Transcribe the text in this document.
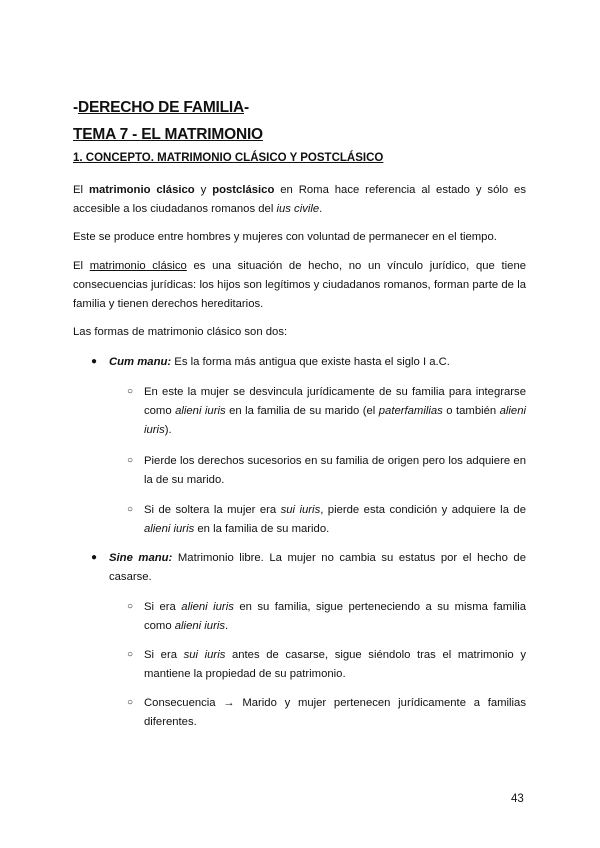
-DERECHO DE FAMILIA-
TEMA 7 - EL MATRIMONIO
1. CONCEPTO. MATRIMONIO CLÁSICO Y POSTCLÁSICO
El matrimonio clásico y postclásico en Roma hace referencia al estado y sólo es accesible a los ciudadanos romanos del ius civile.
Este se produce entre hombres y mujeres con voluntad de permanecer en el tiempo.
El matrimonio clásico es una situación de hecho, no un vínculo jurídico, que tiene consecuencias jurídicas: los hijos son legítimos y ciudadanos romanos, forman parte de la familia y tienen derechos hereditarios.
Las formas de matrimonio clásico son dos:
● Cum manu: Es la forma más antigua que existe hasta el siglo I a.C.
○ En este la mujer se desvincula jurídicamente de su familia para integrarse como alieni iuris en la familia de su marido (el paterfamilias o también alieni iuris).
○ Pierde los derechos sucesorios en su familia de origen pero los adquiere en la de su marido.
○ Si de soltera la mujer era sui iuris, pierde esta condición y adquiere la de alieni iuris en la familia de su marido.
● Sine manu: Matrimonio libre. La mujer no cambia su estatus por el hecho de casarse.
○ Si era alieni iuris en su familia, sigue perteneciendo a su misma familia como alieni iuris.
○ Si era sui iuris antes de casarse, sigue siéndolo tras el matrimonio y mantiene la propiedad de su patrimonio.
○ Consecuencia → Marido y mujer pertenecen jurídicamente a familias diferentes.
43
